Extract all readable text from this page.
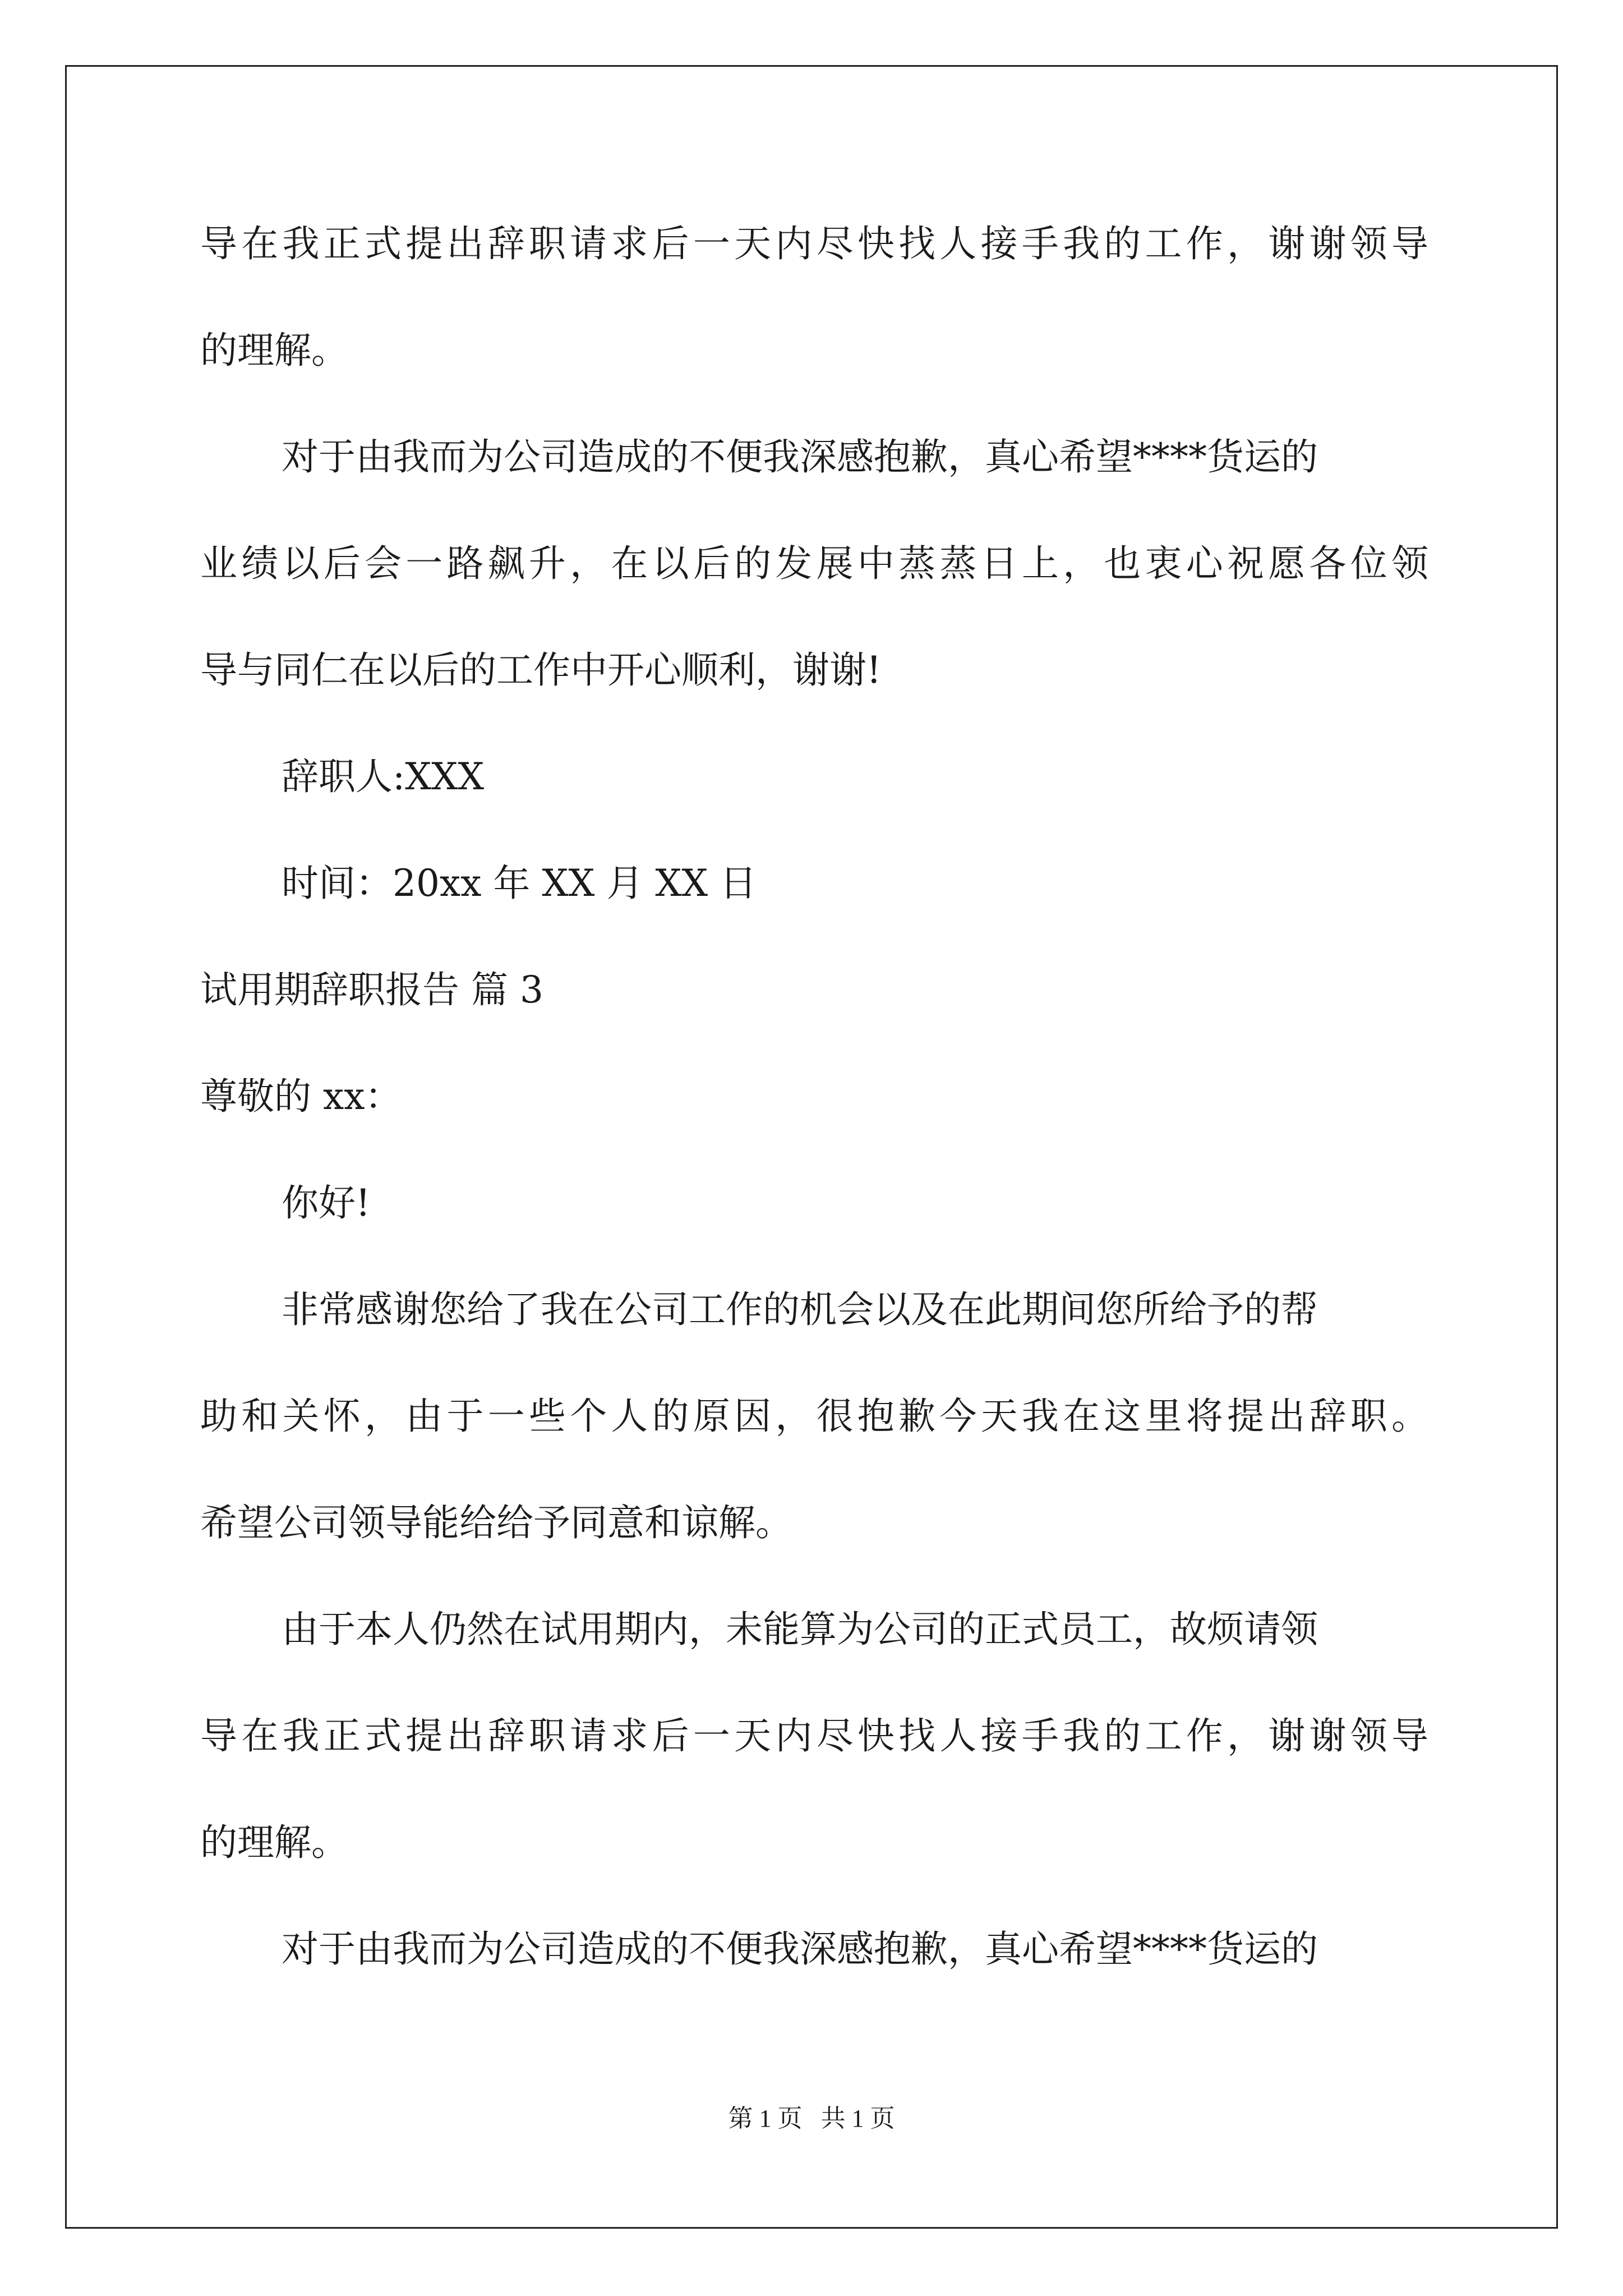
导在我正式提出辞职请求后一天内尽快找人接手我的工作，谢谢领导

的理解。

对于由我而为公司造成的不便我深感抱歉，真心希望****货运的

业绩以后会一路飙升，在以后的发展中蒸蒸日上，也衷心祝愿各位领

导与同仁在以后的工作中开心顺利，谢谢!

辞职人:XXX

时间：20xx 年 XX 月 XX 日

试用期辞职报告 篇 3

尊敬的 xx：

你好!

非常感谢您给了我在公司工作的机会以及在此期间您所给予的帮

助和关怀，由于一些个人的原因，很抱歉今天我在这里将提出辞职。

希望公司领导能给给予同意和谅解。

由于本人仍然在试用期内，未能算为公司的正式员工，故烦请领

导在我正式提出辞职请求后一天内尽快找人接手我的工作，谢谢领导

的理解。

对于由我而为公司造成的不便我深感抱歉，真心希望****货运的

第 1 页   共 1 页
